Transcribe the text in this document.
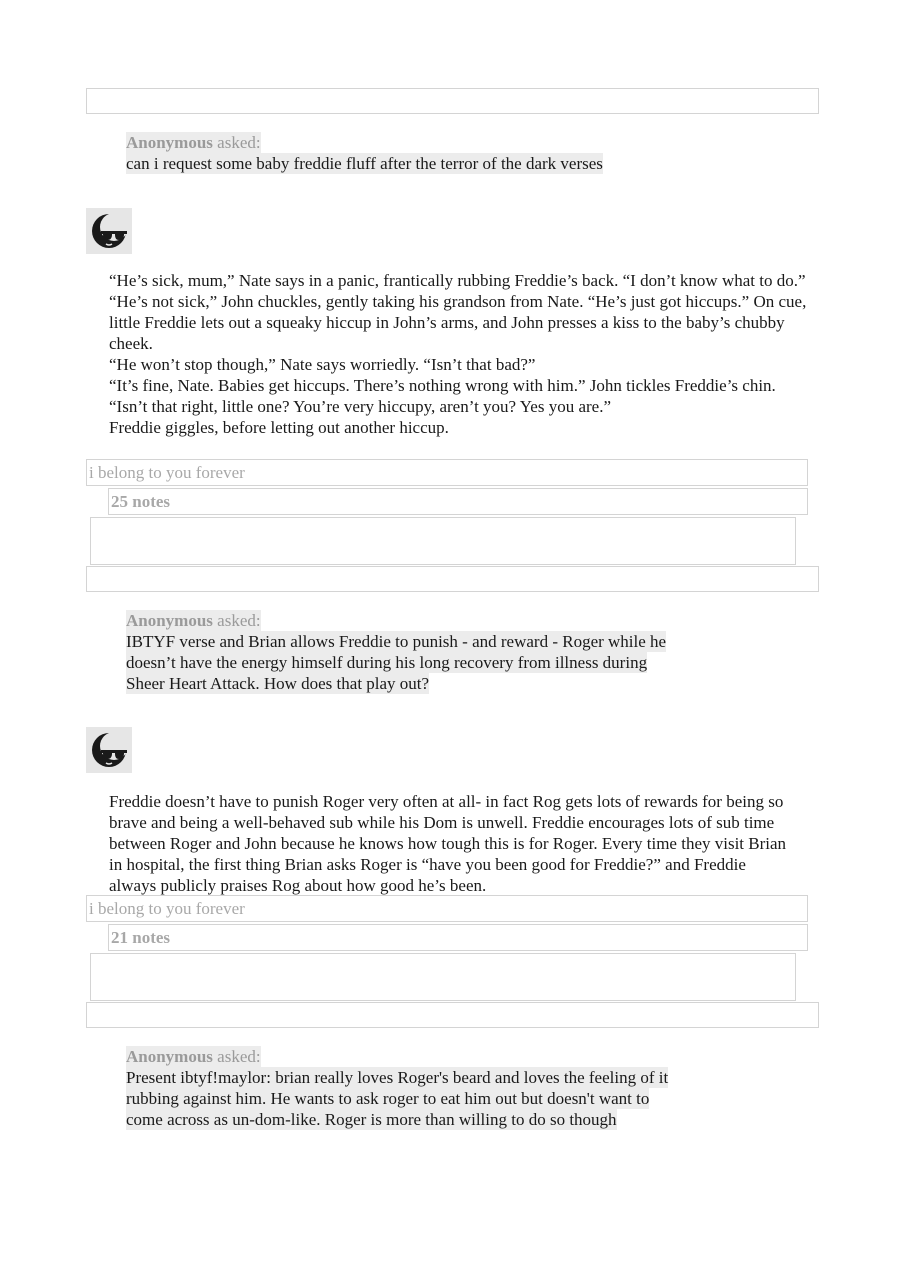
Anonymous asked:
can i request some baby freddie fluff after the terror of the dark verses

“He’s sick, mum,” Nate says in a panic, frantically rubbing Freddie’s back. “I don’t know what to do.”

“He’s not sick,” John chuckles, gently taking his grandson from Nate. “He’s just got hiccups.” On cue, little Freddie lets out a squeaky hiccup in John’s arms, and John presses a kiss to the baby’s chubby cheek.

“He won’t stop though,” Nate says worriedly. “Isn’t that bad?”

“It’s fine, Nate. Babies get hiccups. There’s nothing wrong with him.” John tickles Freddie’s chin. “Isn’t that right, little one? You’re very hiccupy, aren’t you? Yes you are.”

Freddie giggles, before letting out another hiccup.

i belong to you forever
25 notes
Anonymous asked:
IBTYF verse and Brian allows Freddie to punish - and reward - Roger while he
doesn’t have the energy himself during his long recovery from illness during
Sheer Heart Attack. How does that play out?

Freddie doesn’t have to punish Roger very often at all- in fact Rog gets lots of rewards for being so brave and being a well-behaved sub while his Dom is unwell. Freddie encourages lots of sub time between Roger and John because he knows how tough this is for Roger. Every time they visit Brian in hospital, the first thing Brian asks Roger is “have you been good for Freddie?” and Freddie always publicly praises Rog about how good he’s been.

i belong to you forever
21 notes
Anonymous asked:
Present ibtyf!maylor: brian really loves Roger's beard and loves the feeling of it
rubbing against him. He wants to ask roger to eat him out but doesn't want to
come across as un-dom-like. Roger is more than willing to do so though
